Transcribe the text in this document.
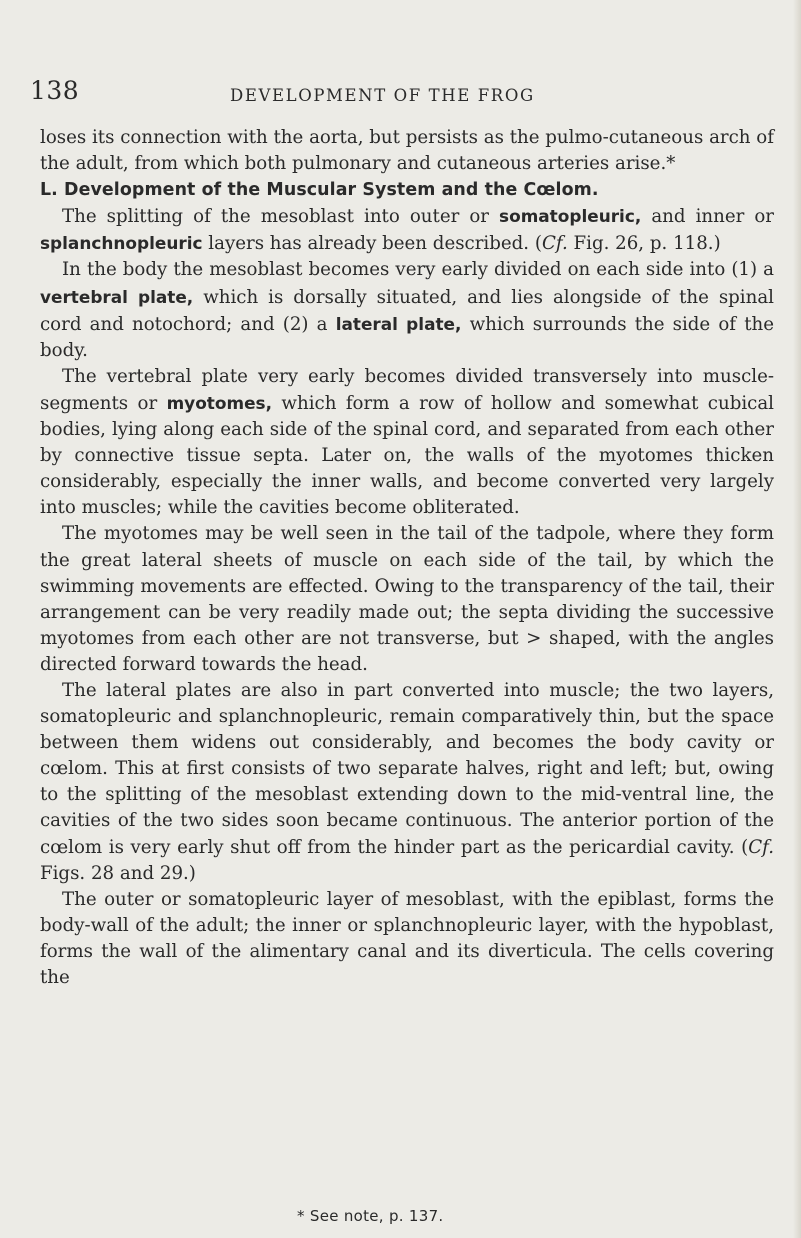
138	DEVELOPMENT OF THE FROG

loses its connection with the aorta, but persists as the pulmo-cutaneous arch of the adult, from which both pulmonary and cutaneous arteries arise.*

L. Development of the Muscular System and the Cœlom.

The splitting of the mesoblast into outer or somatopleuric, and inner or splanchnopleuric layers has already been described. (Cf. Fig. 26, p. 118.)

In the body the mesoblast becomes very early divided on each side into (1) a vertebral plate, which is dorsally situated, and lies alongside of the spinal cord and notochord; and (2) a lateral plate, which surrounds the side of the body.

The vertebral plate very early becomes divided transversely into muscle-segments or myotomes, which form a row of hollow and somewhat cubical bodies, lying along each side of the spinal cord, and separated from each other by connective tissue septa. Later on, the walls of the myotomes thicken considerably, especially the inner walls, and become converted very largely into muscles; while the cavities become obliterated.

The myotomes may be well seen in the tail of the tadpole, where they form the great lateral sheets of muscle on each side of the tail, by which the swimming movements are effected. Owing to the transparency of the tail, their arrangement can be very readily made out; the septa dividing the successive myotomes from each other are not transverse, but > shaped, with the angles directed forward towards the head.

The lateral plates are also in part converted into muscle; the two layers, somatopleuric and splanchnopleuric, remain comparatively thin, but the space between them widens out considerably, and becomes the body cavity or cœlom. This at first consists of two separate halves, right and left; but, owing to the splitting of the mesoblast extending down to the mid-ventral line, the cavities of the two sides soon became continuous. The anterior portion of the cœlom is very early shut off from the hinder part as the pericardial cavity. (Cf. Figs. 28 and 29.)

The outer or somatopleuric layer of mesoblast, with the epiblast, forms the body-wall of the adult; the inner or splanchnopleuric layer, with the hypoblast, forms the wall of the alimentary canal and its diverticula. The cells covering the

* See note, p. 137.
